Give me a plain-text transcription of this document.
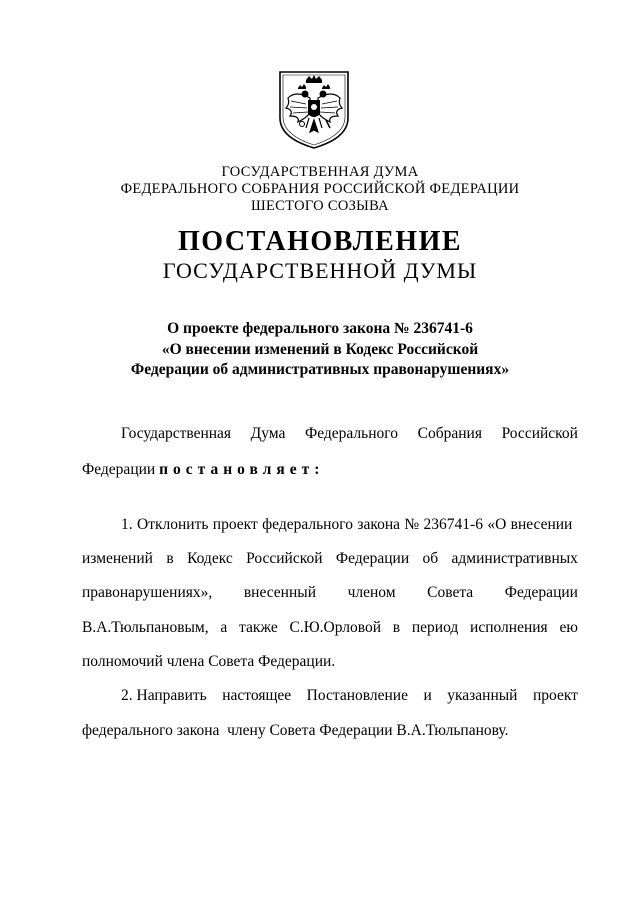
ГОСУДАРСТВЕННАЯ ДУМА
ФЕДЕРАЛЬНОГО СОБРАНИЯ РОССИЙСКОЙ ФЕДЕРАЦИИ
ШЕСТОГО СОЗЫВА
ПОСТАНОВЛЕНИЕ
ГОСУДАРСТВЕННОЙ ДУМЫ
О проекте федерального закона № 236741-6
«О внесении изменений в Кодекс Российской
Федерации об административных правонарушениях»
Государственная Дума Федерального Собрания Российской
Федерации постановляет:
1. Отклонить проект федерального закона № 236741-6 «О внесении
изменений в Кодекс Российской Федерации об административных
правонарушениях», внесенный членом Совета Федерации
В.А.Тюльпановым, а также С.Ю.Орловой в период исполнения ею
полномочий члена Совета Федерации.
2. Направить настоящее Постановление и указанный проект
федерального закона  члену Совета Федерации В.А.Тюльпанову.
